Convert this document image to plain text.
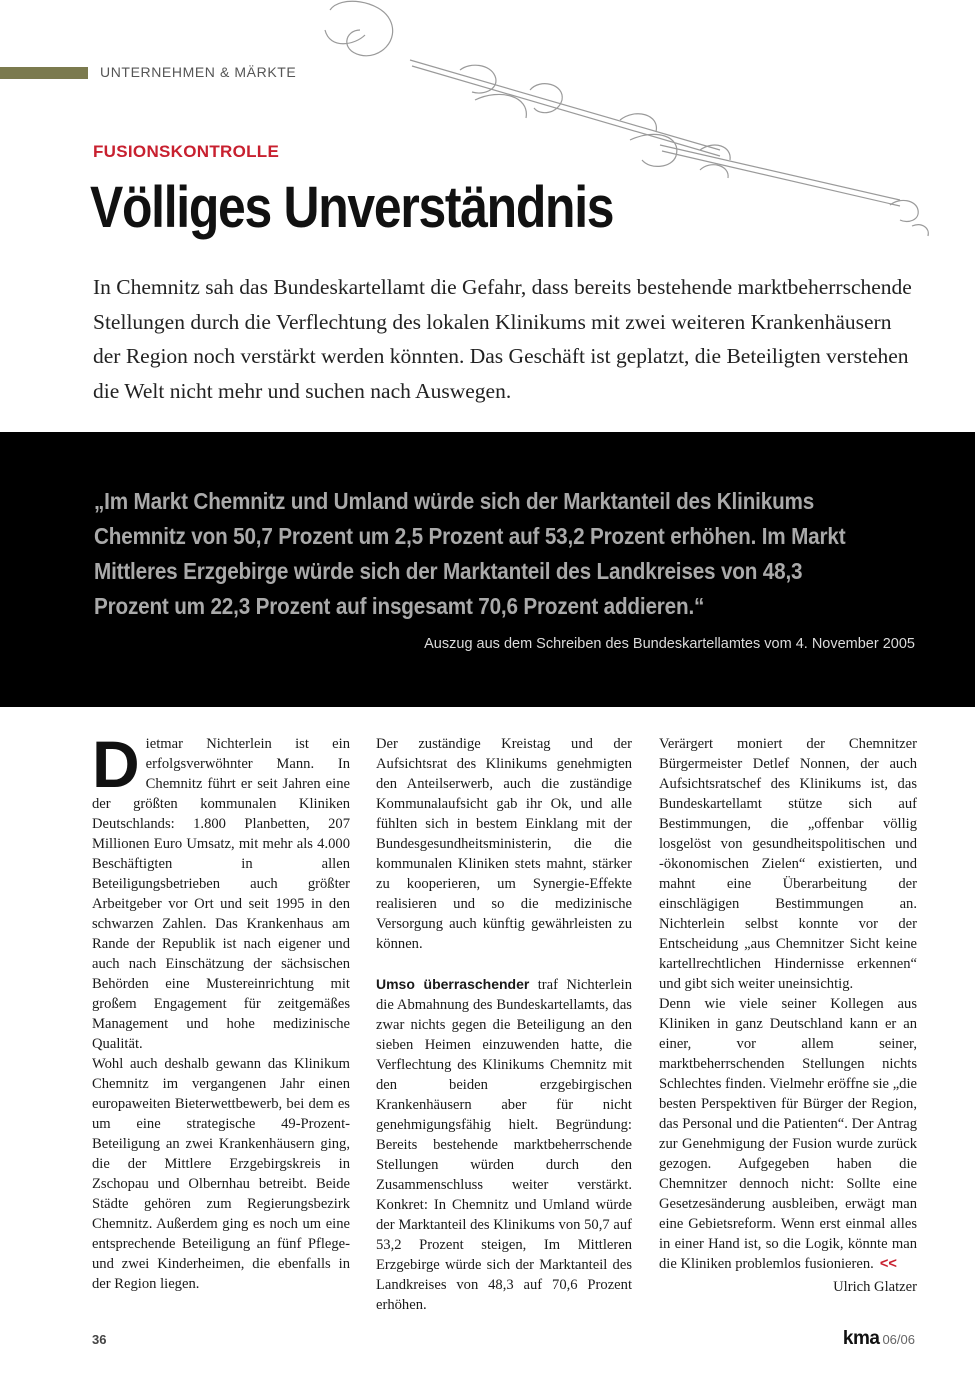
UNTERNEHMEN & MÄRKTE
FUSIONSKONTROLLE
Völliges Unverständnis
In Chemnitz sah das Bundeskartellamt die Gefahr, dass bereits bestehende marktbeherrschende Stellungen durch die Verflechtung des lokalen Klinikums mit zwei weiteren Krankenhäusern der Region noch verstärkt werden könnten. Das Geschäft ist geplatzt, die Beteiligten verstehen die Welt nicht mehr und suchen nach Auswegen.
„Im Markt Chemnitz und Umland würde sich der Marktanteil des Klinikums Chemnitz von 50,7 Prozent um 2,5 Prozent auf 53,2 Prozent erhöhen. Im Markt Mittleres Erzgebirge würde sich der Marktanteil des Landkreises von 48,3 Prozent um 22,3 Prozent auf insgesamt 70,6 Prozent addieren.“
Auszug aus dem Schreiben des Bundeskartellamtes vom 4. November 2005

Dietmar Nichterlein ist ein erfolgsverwöhnter Mann. In Chemnitz führt er seit Jahren eine der größten kommunalen Kliniken Deutschlands: 1.800 Planbetten, 207 Millionen Euro Umsatz, mit mehr als 4.000 Beschäftigten in allen Beteiligungsbetrieben auch größter Arbeitgeber vor Ort und seit 1995 in den schwarzen Zahlen. Das Krankenhaus am Rande der Republik ist nach eigener und auch nach Einschätzung der sächsischen Behörden eine Mustereinrichtung mit großem Engagement für zeitgemäßes Management und hohe medizinische Qualität.

Wohl auch deshalb gewann das Klinikum Chemnitz im vergangenen Jahr einen europaweiten Bieterwettbewerb, bei dem es um eine strategische 49-Prozent-Beteiligung an zwei Krankenhäusern ging, die der Mittlere Erzgebirgskreis in Zschopau und Olbernhau betreibt. Beide Städte gehören zum Regierungsbezirk Chemnitz. Außerdem ging es noch um eine entsprechende Beteiligung an fünf Pflege- und zwei Kinderheimen, die ebenfalls in der Region liegen.

Der zuständige Kreistag und der Aufsichtsrat des Klinikums genehmigten den Anteilserwerb, auch die zuständige Kommunalaufsicht gab ihr Ok, und alle fühlten sich in bestem Einklang mit der Bundesgesundheitsministerin, die die kommunalen Kliniken stets mahnt, stärker zu kooperieren, um Synergie-Effekte realisieren und so die medizinische Versorgung auch künftig gewährleisten zu können.

Umso überraschender traf Nichterlein die Abmahnung des Bundeskartellamts, das zwar nichts gegen die Beteiligung an den sieben Heimen einzuwenden hatte, die Verflechtung des Klinikums Chemnitz mit den beiden erzgebirgischen Krankenhäusern aber für nicht genehmigungsfähig hielt. Begründung: Bereits bestehende marktbeherrschende Stellungen würden durch den Zusammenschluss weiter verstärkt. Konkret: In Chemnitz und Umland würde der Marktanteil des Klinikums von 50,7 auf 53,2 Prozent steigen, Im Mittleren Erzgebirge würde sich der Marktanteil des Landkreises von 48,3 auf 70,6 Prozent erhöhen.

Verärgert moniert der Chemnitzer Bürgermeister Detlef Nonnen, der auch Aufsichtsratschef des Klinikums ist, das Bundeskartellamt stütze sich auf Bestimmungen, die „offenbar völlig losgelöst von gesundheitspolitischen und -ökonomischen Zielen“ existierten, und mahnt eine Überarbeitung der einschlägigen Bestimmungen an. Nichterlein selbst konnte vor der Entscheidung „aus Chemnitzer Sicht keine kartellrechtlichen Hindernisse erkennen“ und gibt sich weiter uneinsichtig.

Denn wie viele seiner Kollegen aus Kliniken in ganz Deutschland kann er an einer, vor allem seiner, marktbeherrschenden Stellungen nichts Schlechtes finden. Vielmehr eröffne sie „die besten Perspektiven für Bürger der Region, das Personal und die Patienten“. Der Antrag zur Genehmigung der Fusion wurde zurück gezogen. Aufgegeben haben die Chemnitzer dennoch nicht: Sollte eine Gesetzesänderung ausbleiben, erwägt man eine Gebietsreform. Wenn erst einmal alles in einer Hand ist, so die Logik, könnte man die Kliniken problemlos fusionieren. <<

Ulrich Glatzer

36	kma 06/06
